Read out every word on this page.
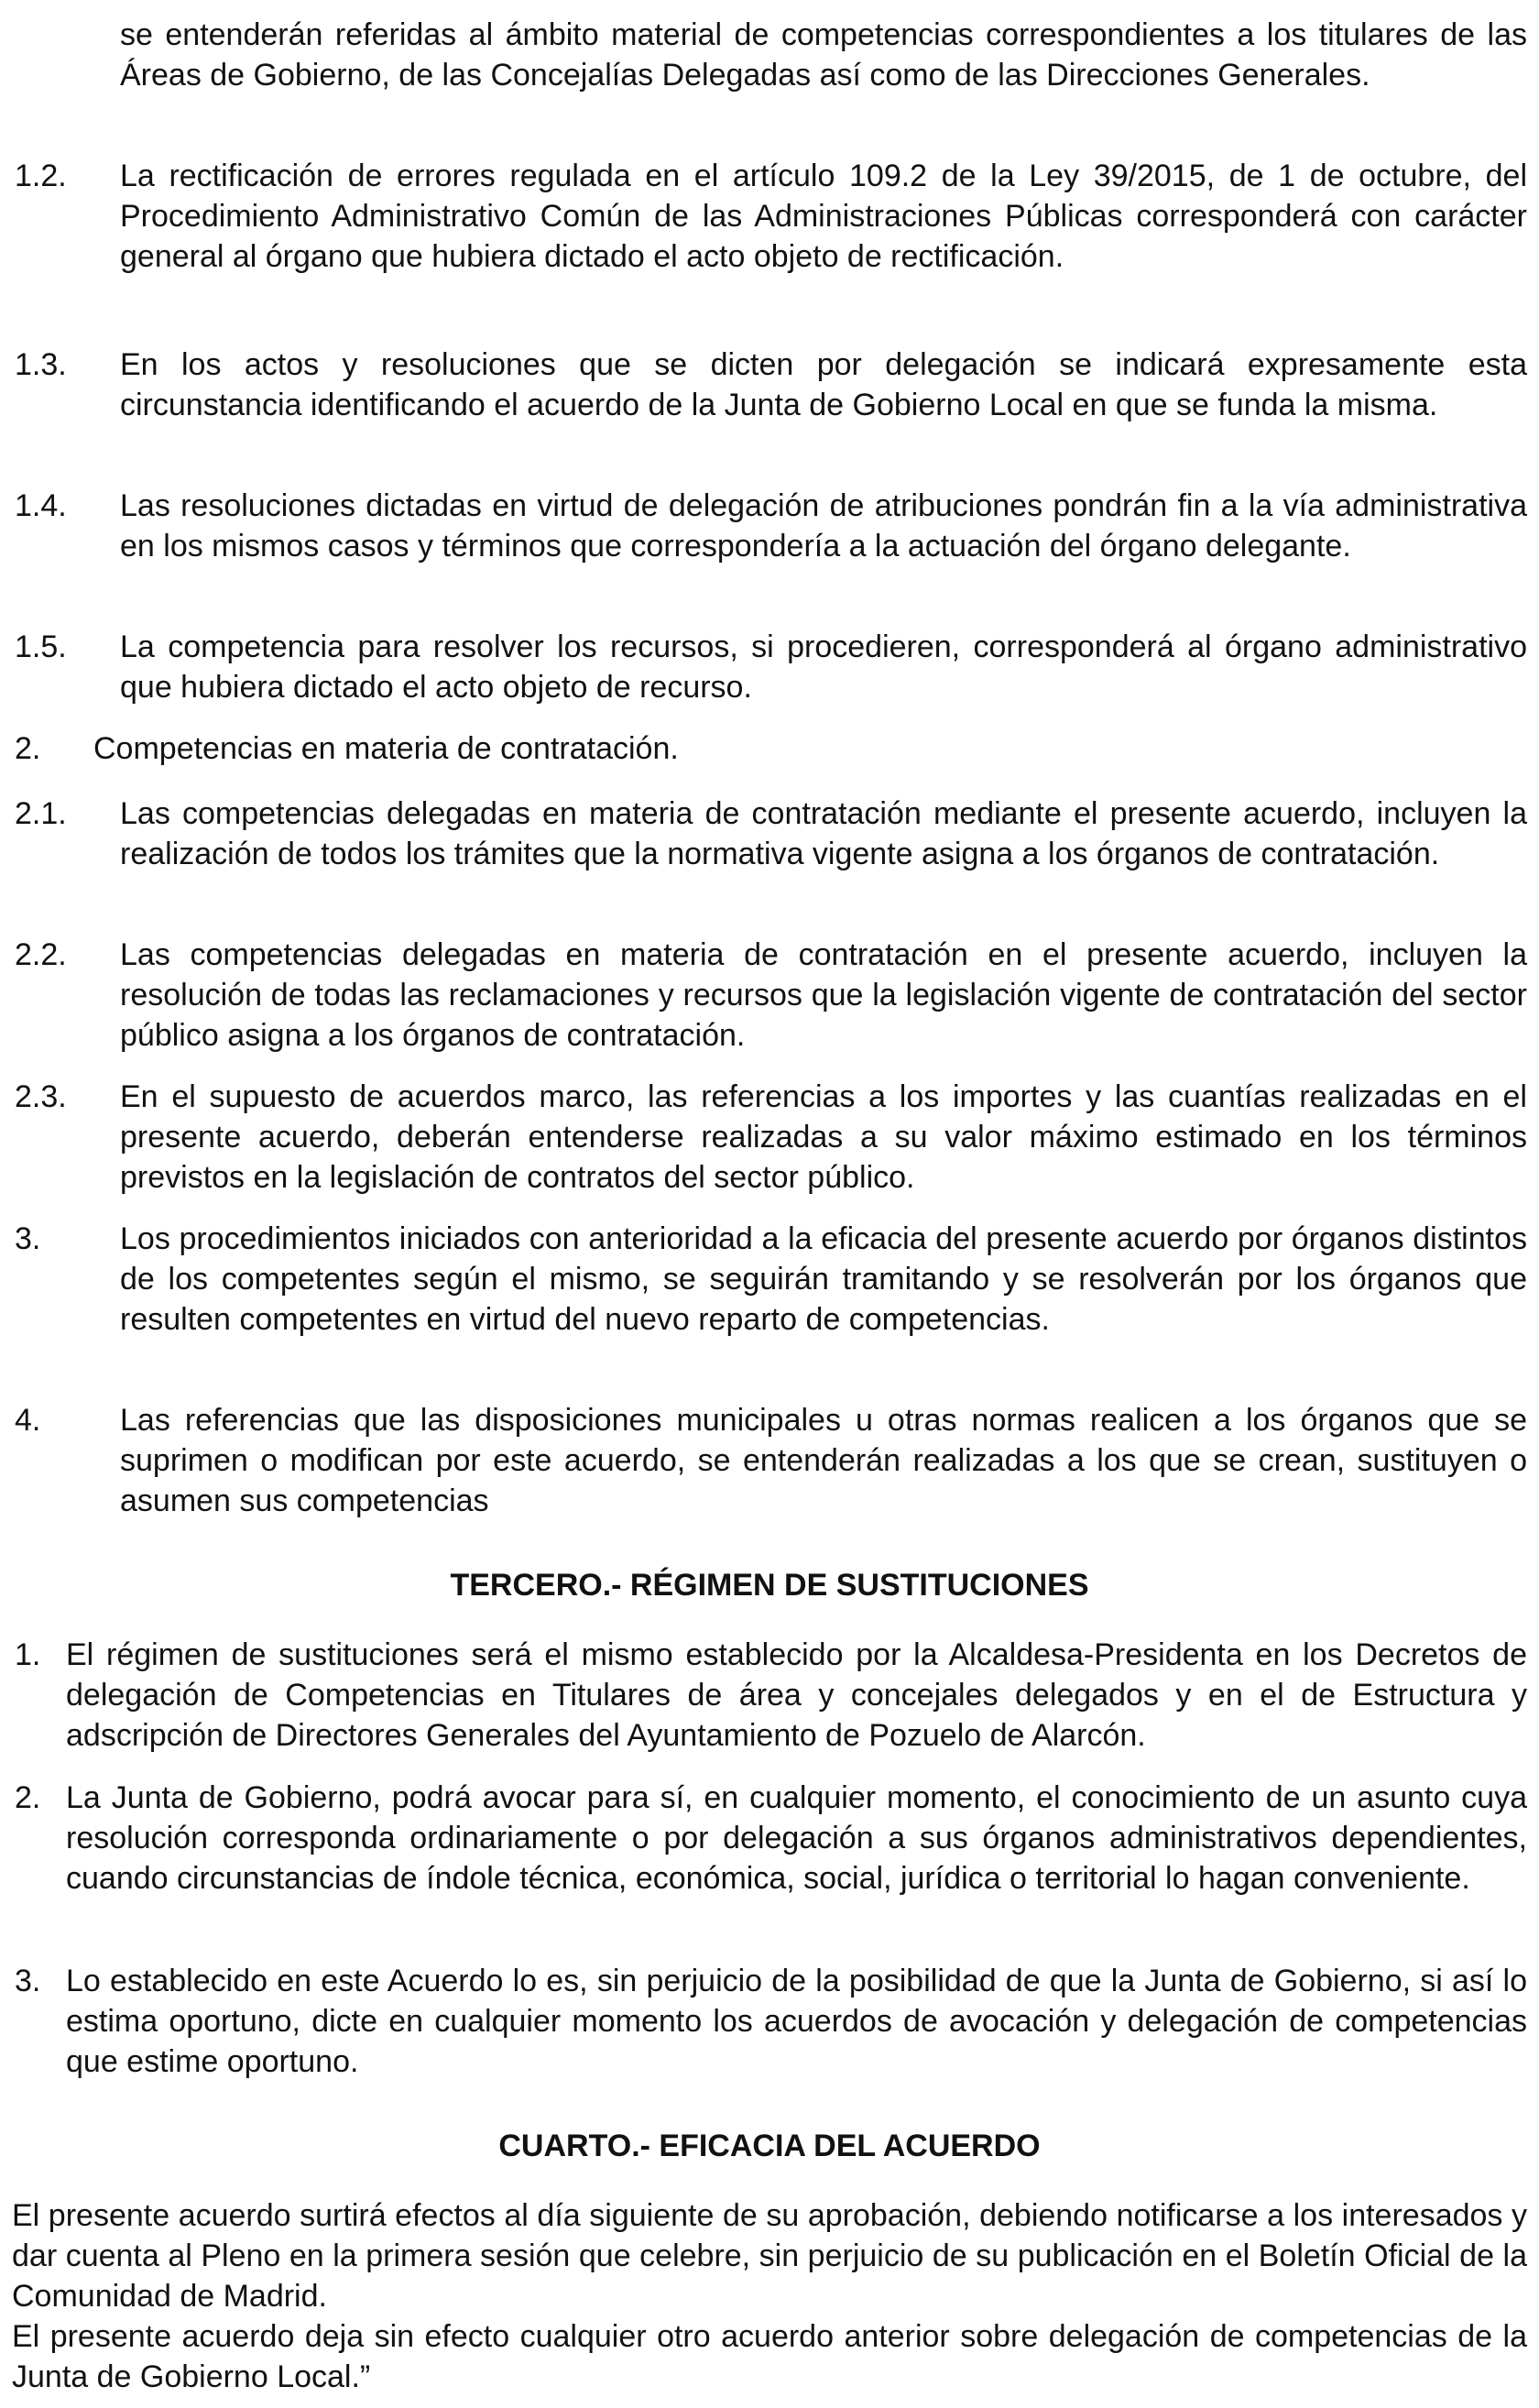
se entenderán referidas al ámbito material de competencias correspondientes a los titulares de las Áreas de Gobierno, de las Concejalías Delegadas así como de las Direcciones Generales.

1.2. La rectificación de errores regulada en el artículo 109.2 de la Ley 39/2015, de 1 de octubre, del Procedimiento Administrativo Común de las Administraciones Públicas corresponderá con carácter general al órgano que hubiera dictado el acto objeto de rectificación.

1.3. En los actos y resoluciones que se dicten por delegación se indicará expresamente esta circunstancia identificando el acuerdo de la Junta de Gobierno Local en que se funda la misma.

1.4. Las resoluciones dictadas en virtud de delegación de atribuciones pondrán fin a la vía administrativa en los mismos casos y términos que correspondería a la actuación del órgano delegante.

1.5. La competencia para resolver los recursos, si procedieren, corresponderá al órgano administrativo que hubiera dictado el acto objeto de recurso.

2. Competencias en materia de contratación.

2.1. Las competencias delegadas en materia de contratación mediante el presente acuerdo, incluyen la realización de todos los trámites que la normativa vigente asigna a los órganos de contratación.

2.2. Las competencias delegadas en materia de contratación en el presente acuerdo, incluyen la resolución de todas las reclamaciones y recursos que la legislación vigente de contratación del sector público asigna a los órganos de contratación.

2.3. En el supuesto de acuerdos marco, las referencias a los importes y las cuantías realizadas en el presente acuerdo, deberán entenderse realizadas a su valor máximo estimado en los términos previstos en la legislación de contratos del sector público.

3.	Los procedimientos iniciados con anterioridad a la eficacia del presente acuerdo por órganos distintos de los competentes según el mismo, se seguirán tramitando y se resolverán por los órganos que resulten competentes en virtud del nuevo reparto de competencias.

4.	Las referencias que las disposiciones municipales u otras normas realicen a los órganos que se suprimen o modifican por este acuerdo, se entenderán realizadas a los que se crean, sustituyen o asumen sus competencias

TERCERO.- RÉGIMEN DE SUSTITUCIONES
1. El régimen de sustituciones será el mismo establecido por la Alcaldesa-Presidenta en los Decretos de delegación de Competencias en Titulares de área y concejales delegados y en el de Estructura y adscripción de Directores Generales del Ayuntamiento de Pozuelo de Alarcón.

2. La Junta de Gobierno, podrá avocar para sí, en cualquier momento, el conocimiento de un asunto cuya resolución corresponda ordinariamente o por delegación a sus órganos administrativos dependientes, cuando circunstancias de índole técnica, económica, social, jurídica o territorial lo hagan conveniente.

3. Lo establecido en este Acuerdo lo es, sin perjuicio de la posibilidad de que la Junta de Gobierno, si así lo estima oportuno, dicte en cualquier momento los acuerdos de avocación y delegación de competencias que estime oportuno.

CUARTO.- EFICACIA DEL ACUERDO

El presente acuerdo surtirá efectos al día siguiente de su aprobación, debiendo notificarse a los interesados y dar cuenta al Pleno en la primera sesión que celebre, sin perjuicio de su publicación en el Boletín Oficial de la Comunidad de Madrid.

El presente acuerdo deja sin efecto cualquier otro acuerdo anterior sobre delegación de competencias de la Junta de Gobierno Local.”
